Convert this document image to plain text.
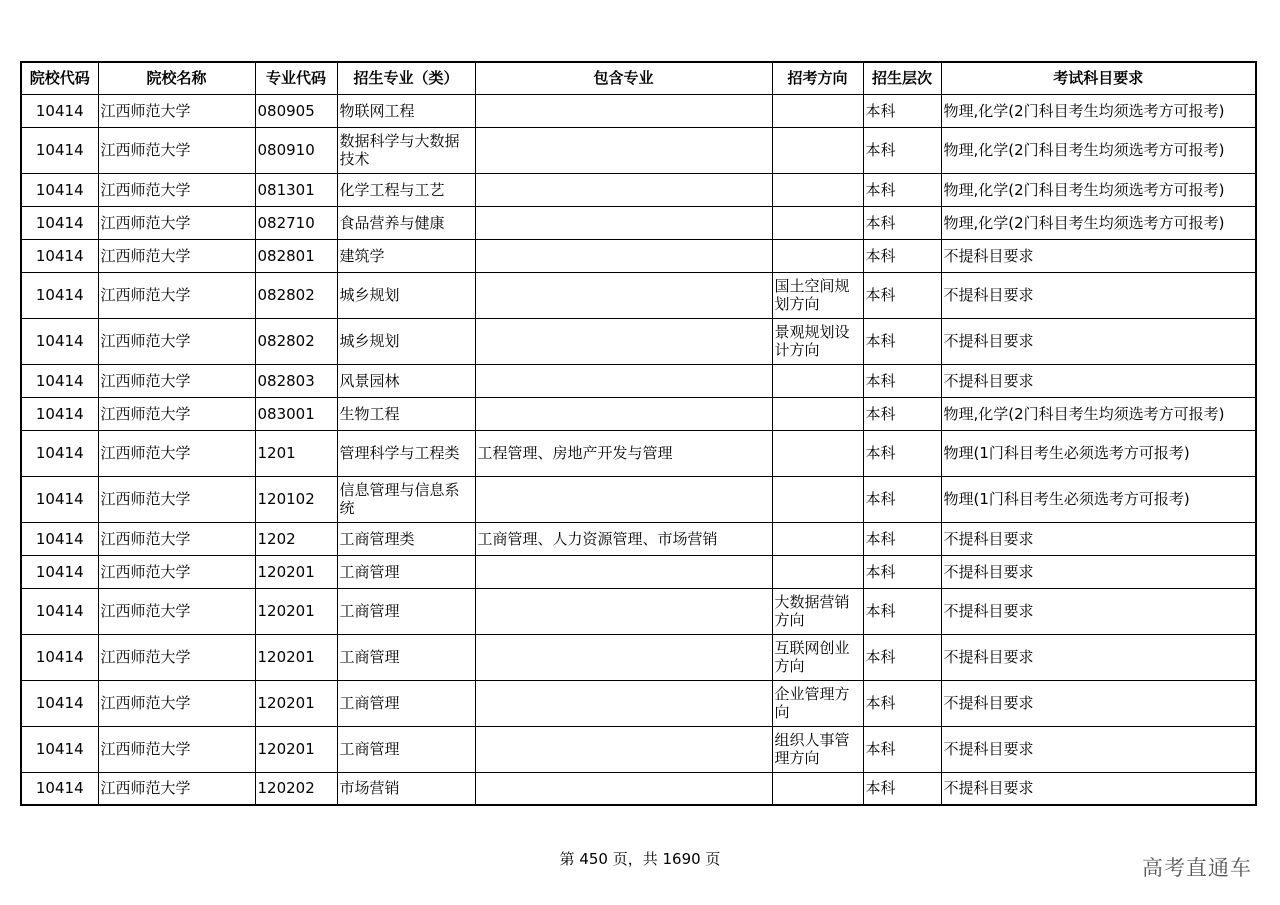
院校代码	院校名称	专业代码	招生专业（类）	包含专业	招考方向	招生层次	考试科目要求
10414	江西师范大学	080905	物联网工程			本科	物理,化学(2门科目考生均须选考方可报考)
10414	江西师范大学	080910	数据科学与大数据技术			本科	物理,化学(2门科目考生均须选考方可报考)
10414	江西师范大学	081301	化学工程与工艺			本科	物理,化学(2门科目考生均须选考方可报考)
10414	江西师范大学	082710	食品营养与健康			本科	物理,化学(2门科目考生均须选考方可报考)
10414	江西师范大学	082801	建筑学			本科	不提科目要求
10414	江西师范大学	082802	城乡规划		国土空间规划方向	本科	不提科目要求
10414	江西师范大学	082802	城乡规划		景观规划设计方向	本科	不提科目要求
10414	江西师范大学	082803	风景园林			本科	不提科目要求
10414	江西师范大学	083001	生物工程			本科	物理,化学(2门科目考生均须选考方可报考)
10414	江西师范大学	1201	管理科学与工程类	工程管理、房地产开发与管理		本科	物理(1门科目考生必须选考方可报考)
10414	江西师范大学	120102	信息管理与信息系统			本科	物理(1门科目考生必须选考方可报考)
10414	江西师范大学	1202	工商管理类	工商管理、人力资源管理、市场营销		本科	不提科目要求
10414	江西师范大学	120201	工商管理			本科	不提科目要求
10414	江西师范大学	120201	工商管理		大数据营销方向	本科	不提科目要求
10414	江西师范大学	120201	工商管理		互联网创业方向	本科	不提科目要求
10414	江西师范大学	120201	工商管理		企业管理方向	本科	不提科目要求
10414	江西师范大学	120201	工商管理		组织人事管理方向	本科	不提科目要求
10414	江西师范大学	120202	市场营销			本科	不提科目要求
第 450 页，共 1690 页	高考直通车
